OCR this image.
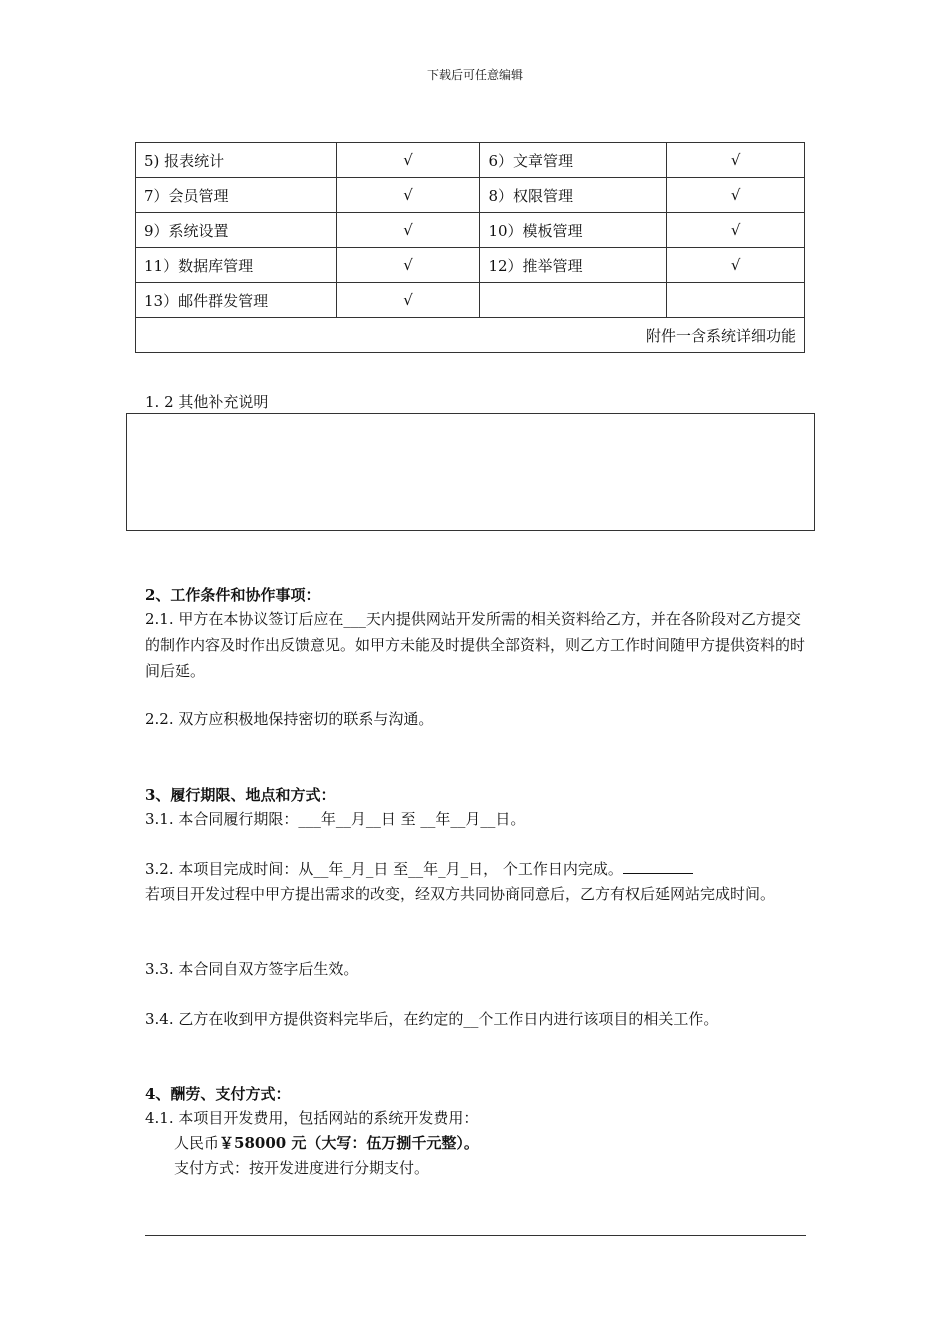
下载后可任意编辑
5) 报表统计	√	6）文章管理	√
7）会员管理	√	8）权限管理	√
9）系统设置	√	10）模板管理	√
11）数据库管理	√	12）推举管理	√
13）邮件群发管理	√		
附件一含系统详细功能			
1. 2 其他补充说明
2、工作条件和协作事项：
2.1. 甲方在本协议签订后应在___天内提供网站开发所需的相关资料给乙方，并在各阶段对乙方提交的制作内容及时作出反馈意见。如甲方未能及时提供全部资料，则乙方工作时间随甲方提供资料的时间后延。
2.2. 双方应积极地保持密切的联系与沟通。
3、履行期限、地点和方式：
3.1. 本合同履行期限：___年__月__日 至 __年__月__日。
3.2. 本项目完成时间：从__年_月_日 至__年_月_日， 个工作日内完成。
若项目开发过程中甲方提出需求的改变，经双方共同协商同意后，乙方有权后延网站完成时间。
3.3. 本合同自双方签字后生效。
3.4. 乙方在收到甲方提供资料完毕后，在约定的__个工作日内进行该项目的相关工作。
4、酬劳、支付方式：
4.1. 本项目开发费用，包括网站的系统开发费用：
人民币￥58000 元（大写：伍万捌千元整）。
支付方式：按开发进度进行分期支付。
